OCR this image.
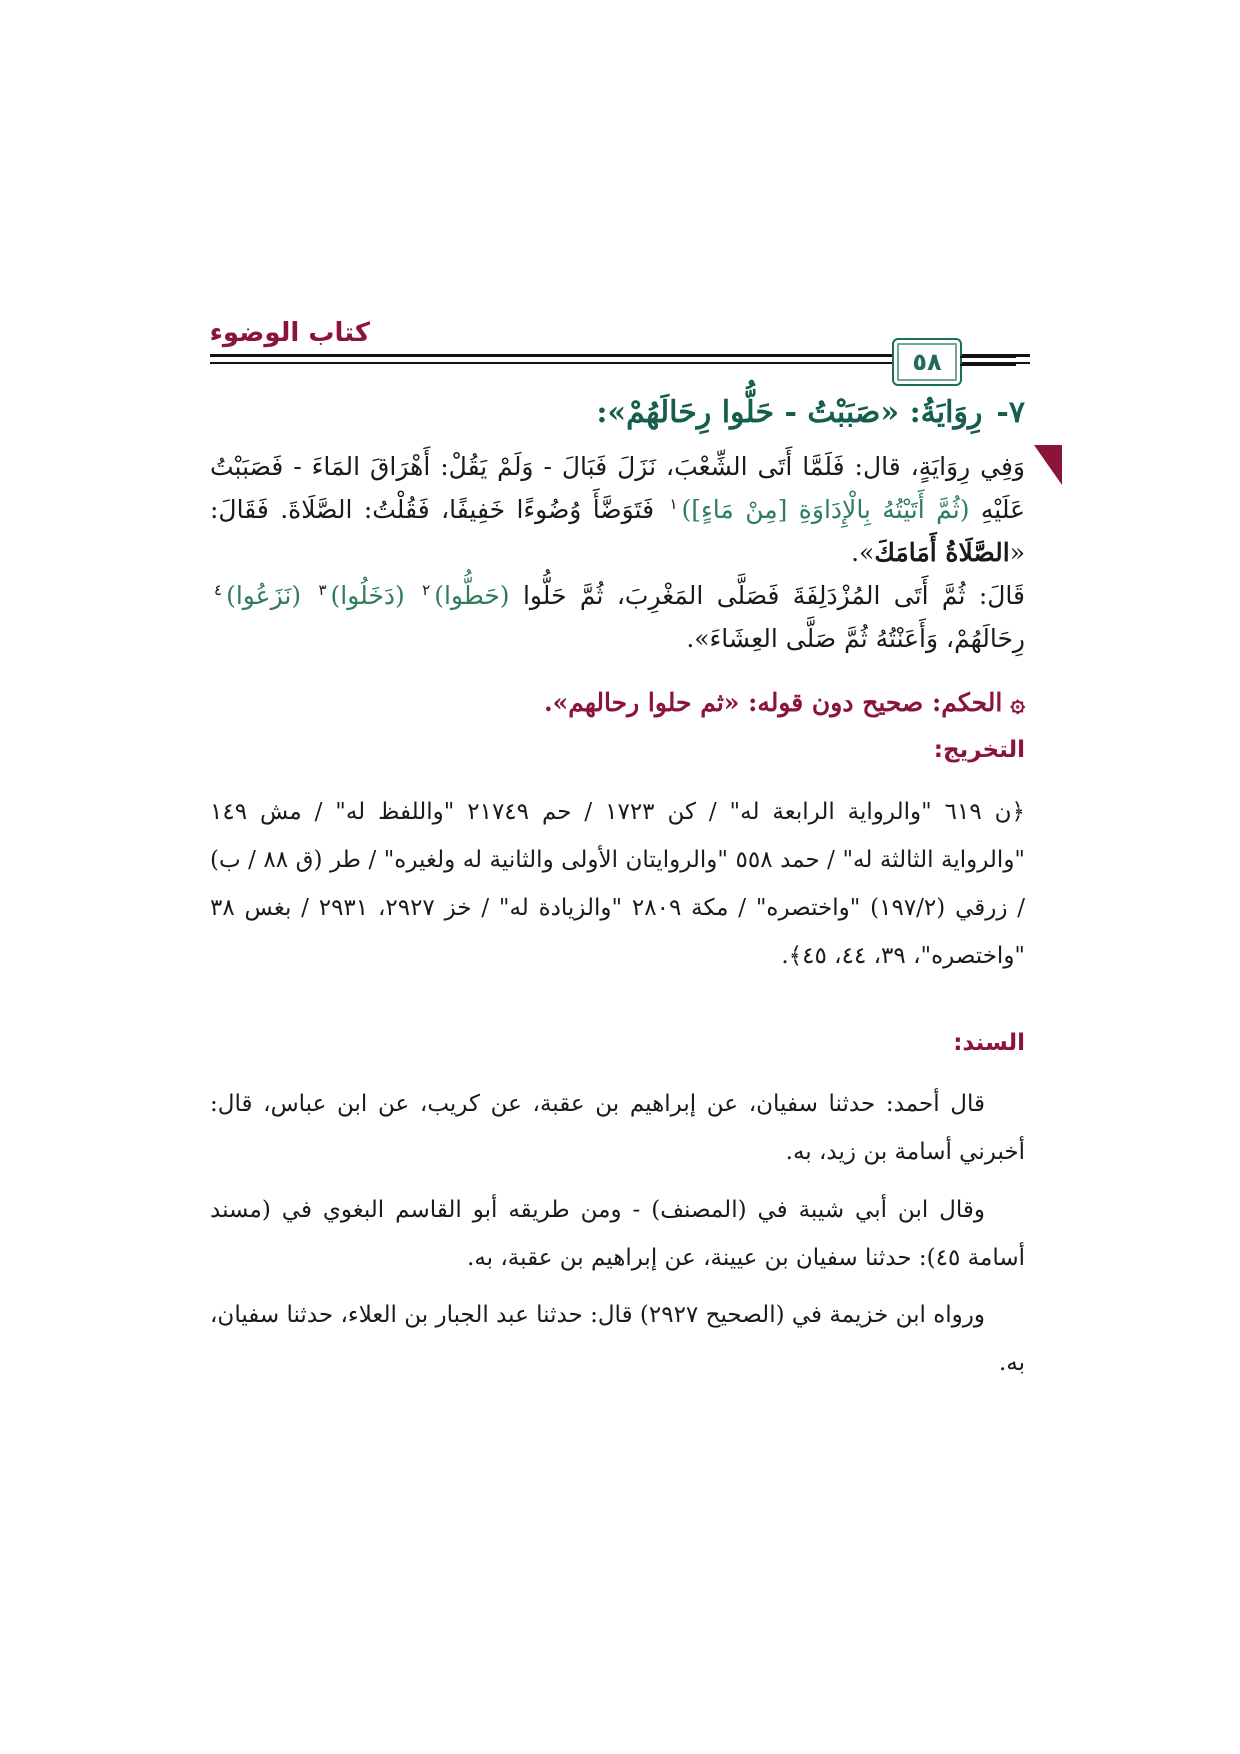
كتاب الوضوء
٥٨
٧-رِوَايَةُ: «صَبَبْتُ - حَلُّوا رِحَالَهُمْ»:
وَفِي رِوَايَةٍ، قال: فَلَمَّا أَتَى الشِّعْبَ، نَزَلَ فَبَالَ - وَلَمْ يَقُلْ: أَهْرَاقَ المَاءَ - فَصَبَبْتُ عَلَيْهِ (ثُمَّ أَتَيْتُهُ بِالْإِدَاوَةِ [مِنْ مَاءٍ])$^١$ فَتَوَضَّأَ وُضُوءًا خَفِيفًا، فَقُلْتُ: الصَّلَاةَ. فَقَالَ: «الصَّلَاةُ أَمَامَكَ».
قَالَ: ثُمَّ أَتَى المُزْدَلِفَةَ فَصَلَّى المَغْرِبَ، ثُمَّ حَلُّوا (حَطُّوا)$^٢$ (دَخَلُوا)$^٣$ (نَزَعُوا)$^٤$ رِحَالَهُمْ، وَأَعَنْتُهُ ثُمَّ صَلَّى العِشَاءَ».
۞الحكم: صحيح دون قوله: «ثم حلوا رحالهم».
التخريج:
﴿ن ٦١٩ "والرواية الرابعة له" / كن ١٧٢٣ / حم ٢١٧٤٩ "واللفظ له" / مش ١٤٩ "والرواية الثالثة له" / حمد ٥٥٨ "والروايتان الأولى والثانية له ولغيره" / طر (ق ٨٨ / ب) / زرقي (١٩٧/٢) "واختصره" / مكة ٢٨٠٩ "والزيادة له" / خز ٢٩٢٧، ٢٩٣١ / بغس ٣٨ "واختصره"، ٣٩، ٤٤، ٤٥﴾.
السند:
قال أحمد: حدثنا سفيان، عن إبراهيم بن عقبة، عن كريب، عن ابن عباس، قال: أخبرني أسامة بن زيد، به.
وقال ابن أبي شيبة في (المصنف) - ومن طريقه أبو القاسم البغوي في (مسند أسامة ٤٥): حدثنا سفيان بن عيينة، عن إبراهيم بن عقبة، به.
ورواه ابن خزيمة في (الصحيح ٢٩٢٧) قال: حدثنا عبد الجبار بن العلاء، حدثنا سفيان، به.
